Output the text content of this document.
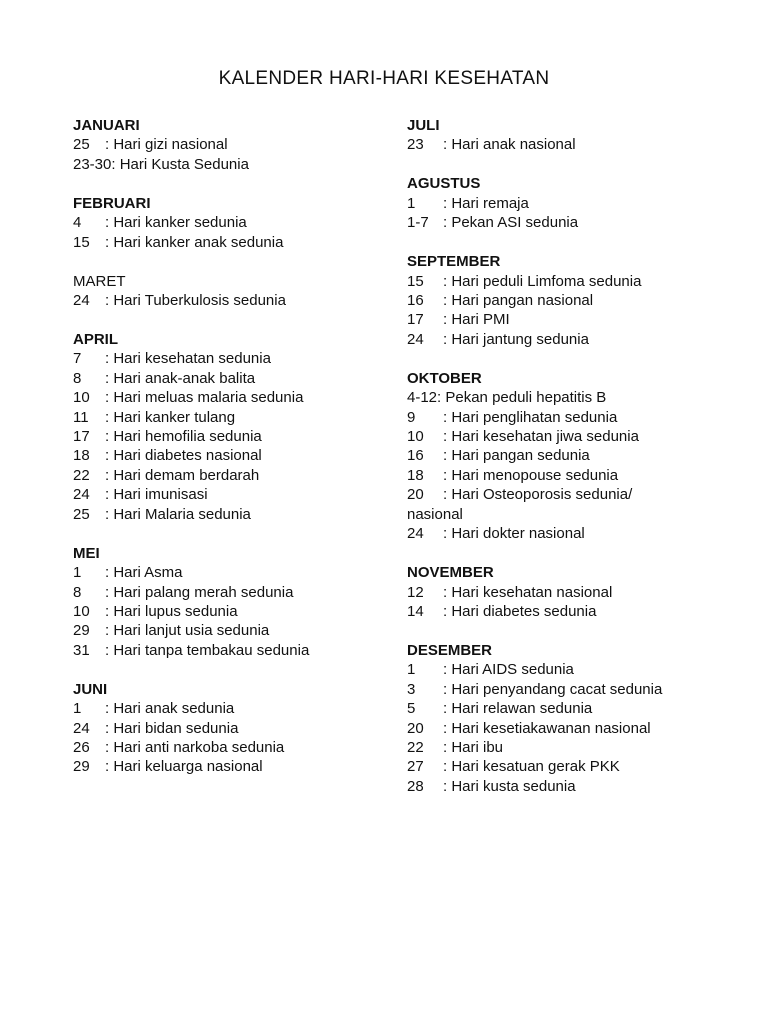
KALENDER HARI-HARI KESEHATAN
JANUARI
25 : Hari gizi nasional
23-30: Hari Kusta Sedunia
FEBRUARI
4 : Hari kanker sedunia
15 : Hari kanker anak sedunia
MARET
24 : Hari Tuberkulosis sedunia
APRIL
7 : Hari kesehatan sedunia
8 : Hari anak-anak balita
10 : Hari meluas malaria sedunia
11 : Hari kanker tulang
17 : Hari hemofilia sedunia
18 : Hari diabetes nasional
22 : Hari demam berdarah
24 : Hari imunisasi
25 : Hari Malaria sedunia
MEI
1 : Hari Asma
8 : Hari palang merah sedunia
10 : Hari lupus sedunia
29 : Hari lanjut usia sedunia
31 : Hari tanpa tembakau sedunia
JUNI
1 : Hari anak sedunia
24 : Hari bidan sedunia
26 : Hari anti narkoba sedunia
29 : Hari keluarga nasional
JULI
23 : Hari anak nasional
AGUSTUS
1 : Hari remaja
1-7 : Pekan ASI sedunia
SEPTEMBER
15 : Hari peduli Limfoma sedunia
16 : Hari pangan nasional
17 : Hari PMI
24 : Hari jantung sedunia
OKTOBER
4-12: Pekan peduli hepatitis B
9 : Hari penglihatan sedunia
10 : Hari kesehatan jiwa sedunia
16 : Hari pangan sedunia
18 : Hari menopouse sedunia
20 : Hari Osteoporosis sedunia/
nasional
24 : Hari dokter nasional
NOVEMBER
12 : Hari kesehatan nasional
14 : Hari diabetes sedunia
DESEMBER
1 : Hari AIDS sedunia
3 : Hari penyandang cacat sedunia
5 : Hari relawan sedunia
20 : Hari kesetiakawanan nasional
22 : Hari ibu
27 : Hari kesatuan gerak PKK
28 : Hari kusta sedunia
